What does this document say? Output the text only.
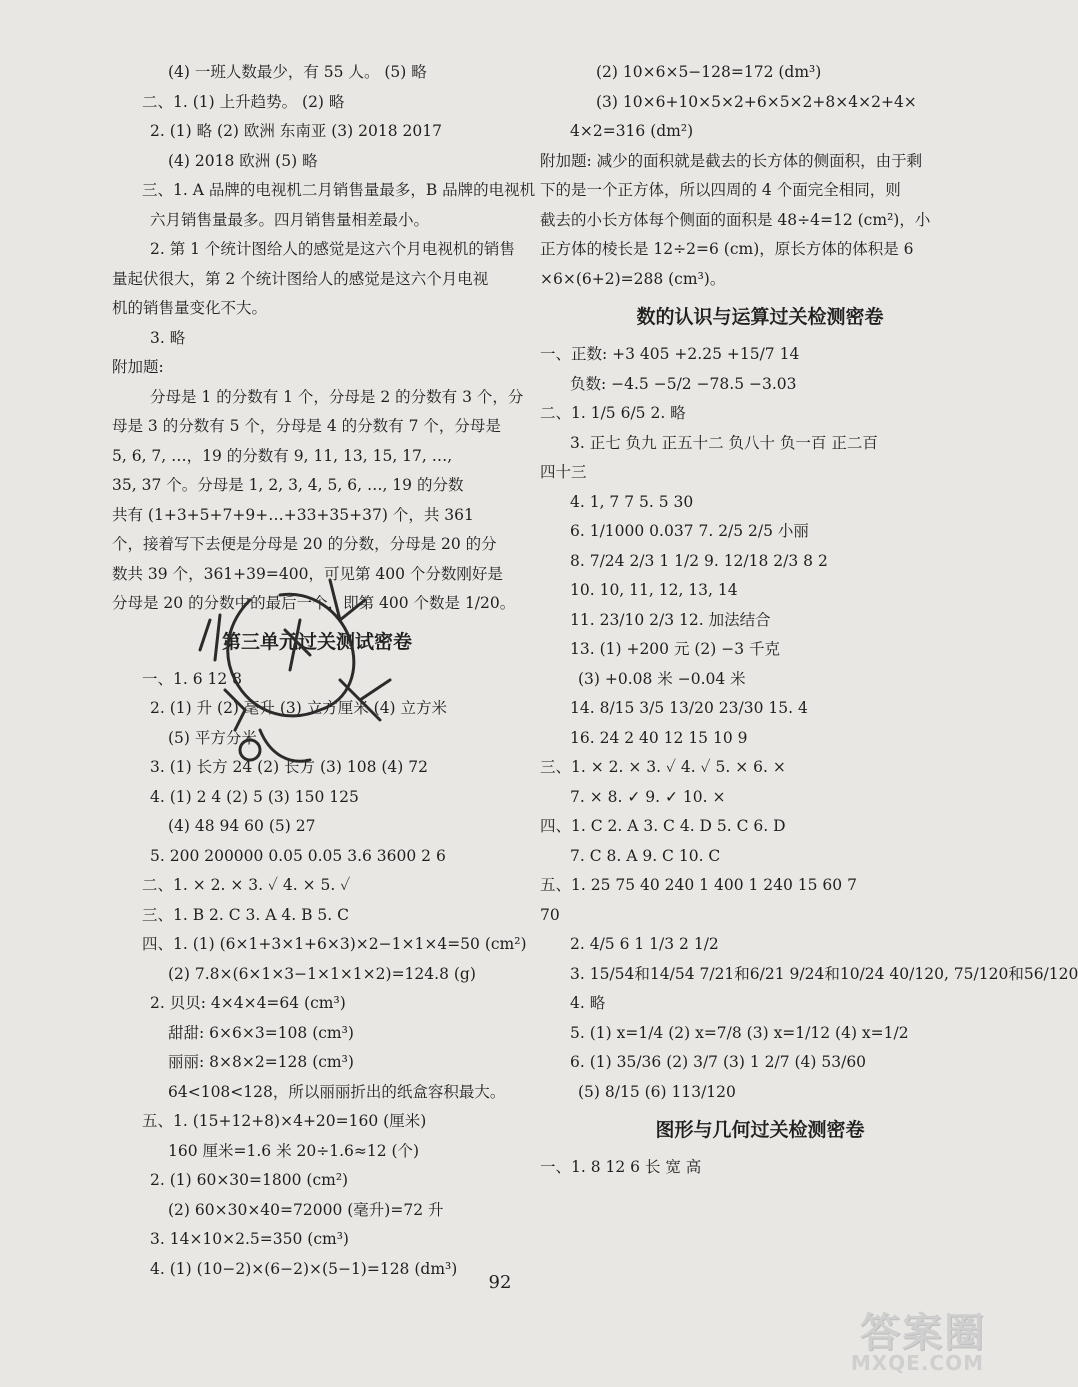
(4) 一班人数最少，有 55 人。 (5) 略
二、1. (1) 上升趋势。 (2) 略
2. (1) 略 (2) 欧洲 东南亚 (3) 2018 2017
(4) 2018 欧洲 (5) 略
三、1. A 品牌的电视机二月销售量最多，B 品牌的电视机
六月销售量最多。四月销售量相差最小。
2. 第 1 个统计图给人的感觉是这六个月电视机的销售
量起伏很大，第 2 个统计图给人的感觉是这六个月电视
机的销售量变化不大。
3. 略
附加题:
分母是 1 的分数有 1 个，分母是 2 的分数有 3 个，分
母是 3 的分数有 5 个，分母是 4 的分数有 7 个，分母是
5, 6, 7, …，19 的分数有 9, 11, 13, 15, 17, …,
35, 37 个。分母是 1, 2, 3, 4, 5, 6, …, 19 的分数
共有 (1+3+5+7+9+…+33+35+37) 个，共 361
个，接着写下去便是分母是 20 的分数，分母是 20 的分
数共 39 个，361+39=400，可见第 400 个分数刚好是
分母是 20 的分数中的最后一个，即第 400 个数是 1/20。
第三单元过关测试密卷
一、1. 6 12 8
2. (1) 升 (2) 毫升 (3) 立方厘米 (4) 立方米
(5) 平方分米
3. (1) 长方 24 (2) 长方 (3) 108 (4) 72
4. (1) 2 4 (2) 5 (3) 150 125
(4) 48 94 60 (5) 27
5. 200 200000 0.05 0.05 3.6 3600 2 6
二、1. × 2. × 3. ✓ 4. × 5. ✓
三、1. B 2. C 3. A 4. B 5. C
四、1. (1) (6×1+3×1+6×3)×2−1×1×4=50 (cm²)
(2) 7.8×(6×1×3−1×1×1×2)=124.8 (g)
2. 贝贝: 4×4×4=64 (cm³)
甜甜: 6×6×3=108 (cm³)
丽丽: 8×8×2=128 (cm³)
64<108<128，所以丽丽折出的纸盒容积最大。
五、1. (15+12+8)×4+20=160 (厘米)
160 厘米=1.6 米 20÷1.6≈12 (个)
2. (1) 60×30=1800 (cm²)
(2) 60×30×40=72000 (毫升)=72 升
3. 14×10×2.5=350 (cm³)
4. (1) (10−2)×(6−2)×(5−1)=128 (dm³)
(2) 10×6×5−128=172 (dm³)
(3) 10×6+10×5×2+6×5×2+8×4×2+4×
4×2=316 (dm²)
附加题: 减少的面积就是截去的长方体的侧面积，由于剩
下的是一个正方体，所以四周的 4 个面完全相同，则
截去的小长方体每个侧面的面积是 48÷4=12 (cm²)，小
正方体的棱长是 12÷2=6 (cm)，原长方体的体积是 6
×6×(6+2)=288 (cm³)。
数的认识与运算过关检测密卷
一、正数: +3 405 +2.25 +15/7 14
负数: −4.5 −5/2 −78.5 −3.03
二、1. 1/5 6/5 2. 略
3. 正七 负九 正五十二 负八十 负一百 正二百
四十三
4. 1, 7 7 5. 5 30
6. 1/1000 0.037 7. 2/5 2/5 小丽
8. 7/24 2/3 1 1/2 9. 12/18 2/3 8 2
10. 10, 11, 12, 13, 14
11. 23/10 2/3 12. 加法结合
13. (1) +200 元 (2) −3 千克
(3) +0.08 米 −0.04 米
14. 8/15 3/5 13/20 23/30 15. 4
16. 24 2 40 12 15 10 9
三、1. × 2. × 3. ✓ 4. ✓ 5. × 6. ×
7. × 8. ✓ 9. ✓ 10. ×
四、1. C 2. A 3. C 4. D 5. C 6. D
7. C 8. A 9. C 10. C
五、1. 25 75 40 240 1 400 1 240 15 60 7
70
2. 4/5 6 1 1/3 2 1/2
3. 15/54和14/54 7/21和6/21 9/24和10/24 40/120, 75/120和56/120
4. 略
5. (1) x=1/4 (2) x=7/8 (3) x=1/12 (4) x=1/2
6. (1) 35/36 (2) 3/7 (3) 1 2/7 (4) 53/60
(5) 8/15 (6) 113/120
图形与几何过关检测密卷
一、1. 8 12 6 长 宽 高
92
答案圈
MXQE.COM
